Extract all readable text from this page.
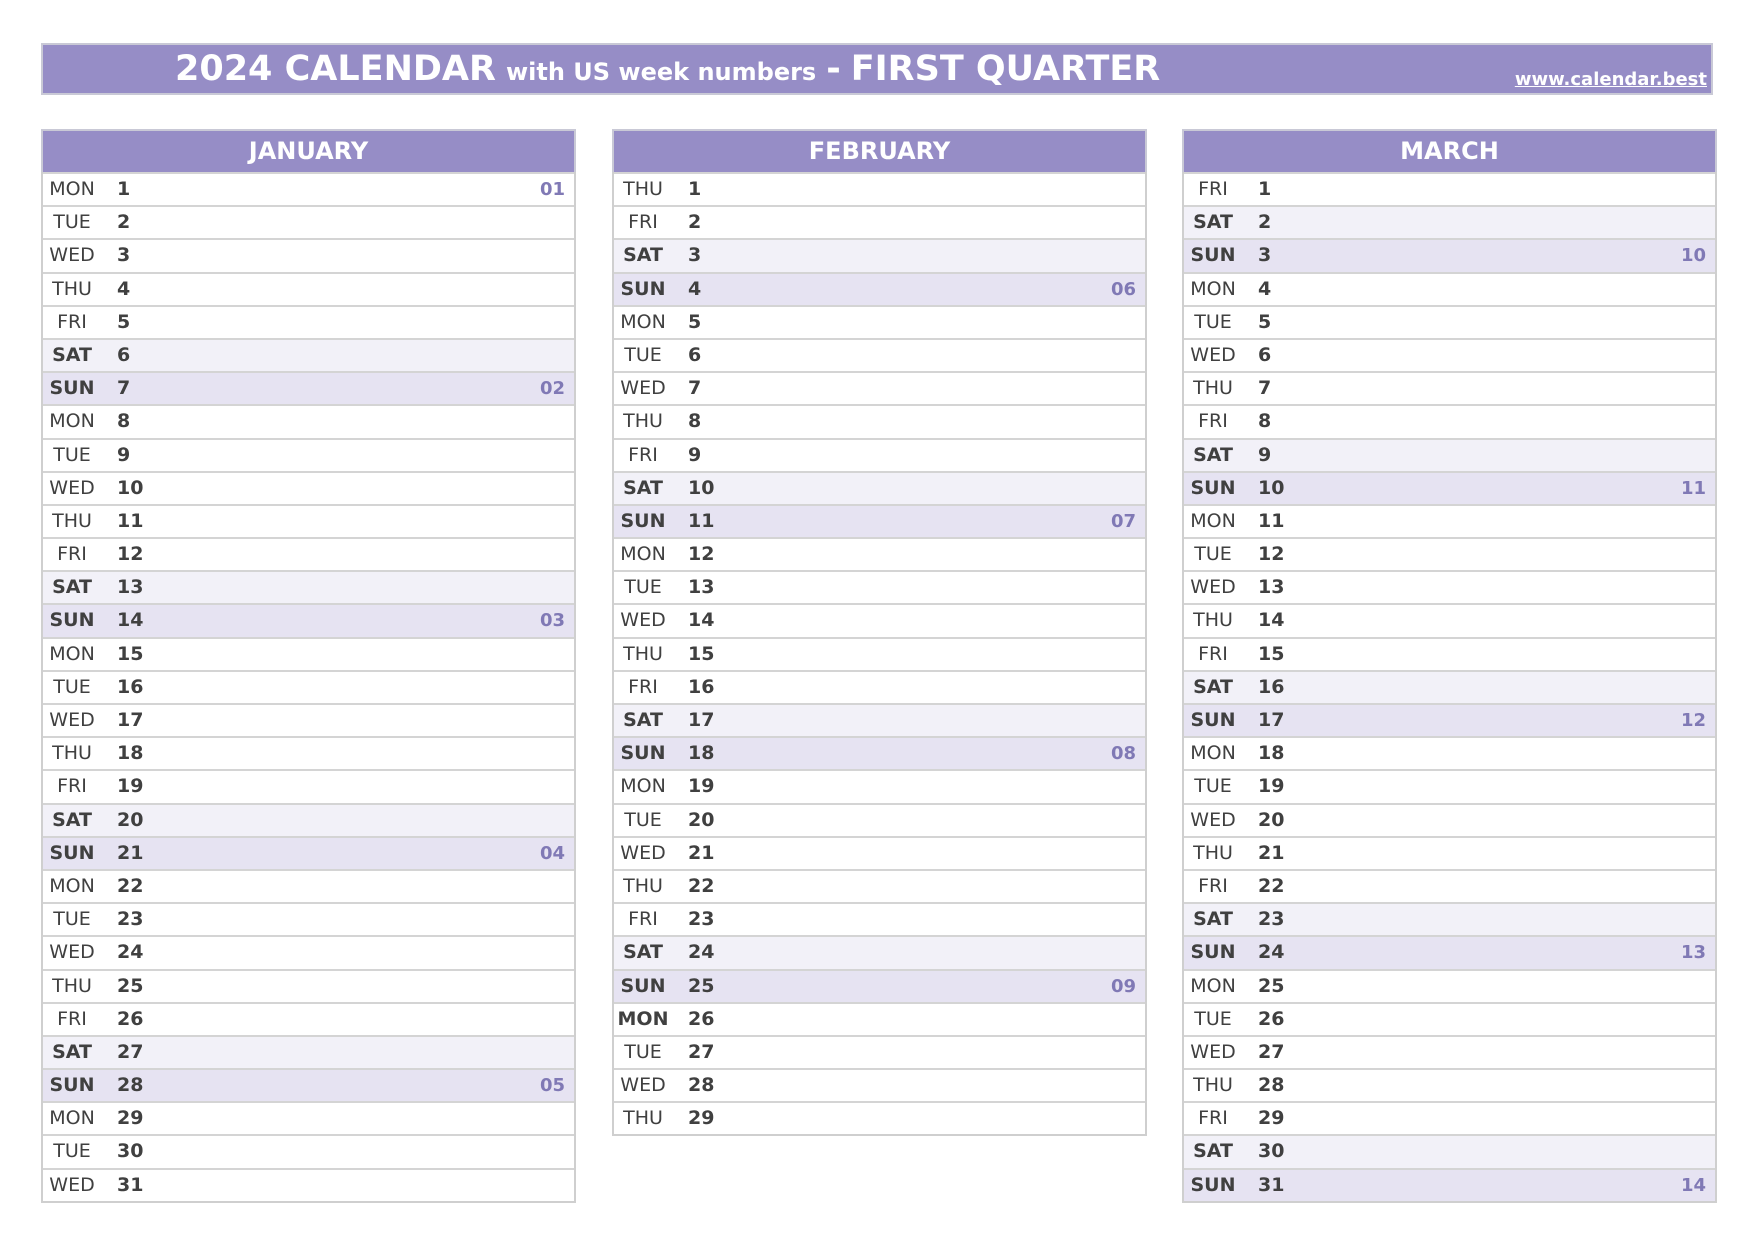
2024 CALENDAR with US week numbers - FIRST QUARTER	www.calendar.best
JANUARY
MON	1	01
TUE	2
WED	3
THU	4
FRI	5
SAT	6
SUN	7	02
MON	8
TUE	9
WED	10
THU	11
FRI	12
SAT	13
SUN	14	03
MON	15
TUE	16
WED	17
THU	18
FRI	19
SAT	20
SUN	21	04
MON	22
TUE	23
WED	24
THU	25
FRI	26
SAT	27
SUN	28	05
MON	29
TUE	30
WED	31
FEBRUARY
THU	1
FRI	2
SAT	3
SUN	4	06
MON	5
TUE	6
WED	7
THU	8
FRI	9
SAT	10
SUN	11	07
MON	12
TUE	13
WED	14
THU	15
FRI	16
SAT	17
SUN	18	08
MON	19
TUE	20
WED	21
THU	22
FRI	23
SAT	24
SUN	25	09
MON 26
TUE	27
WED	28
THU	29
MARCH
FRI	1
SAT	2
SUN	3	10
MON	4
TUE	5
WED	6
THU	7
FRI	8
SAT	9
SUN	10	11
MON	11
TUE	12
WED	13
THU	14
FRI	15
SAT	16
SUN	17	12
MON	18
TUE	19
WED	20
THU	21
FRI	22
SAT	23
SUN	24	13
MON	25
TUE	26
WED	27
THU	28
FRI	29
SAT	30
SUN	31	14
